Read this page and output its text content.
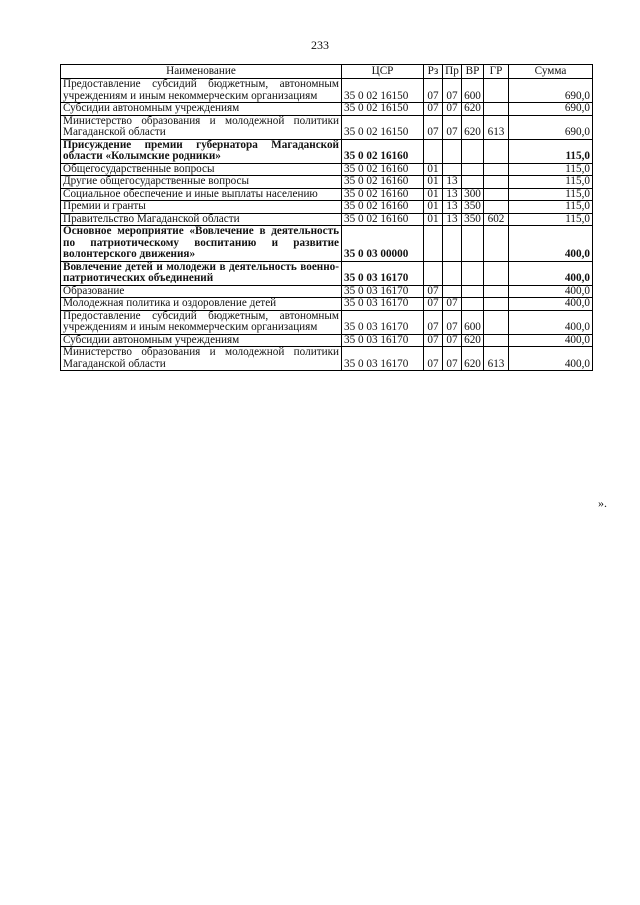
233
Наименование	ЦСР	Рз	Пр	ВР	ГР	Сумма
Предоставление субсидий бюджетным, автономным учреждениям и иным некоммерческим организациям	35 0 02 16150	07	07	600		690,0
Субсидии автономным учреждениям	35 0 02 16150	07	07	620		690,0
Министерство образования и молодежной политики Магаданской области	35 0 02 16150	07	07	620	613	690,0
Присуждение премии губернатора Магаданской области «Колымские родники»	35 0 02 16160					115,0
Общегосударственные вопросы	35 0 02 16160	01				115,0
Другие общегосударственные вопросы	35 0 02 16160	01	13			115,0
Социальное обеспечение и иные выплаты населению	35 0 02 16160	01	13	300		115,0
Премии и гранты	35 0 02 16160	01	13	350		115,0
Правительство Магаданской области	35 0 02 16160	01	13	350	602	115,0
Основное мероприятие «Вовлечение в деятельность по патриотическому воспитанию и развитие волонтерского движения»	35 0 03 00000					400,0
Вовлечение детей и молодежи в деятельность военно-патриотических объединений	35 0 03 16170					400,0
Образование	35 0 03 16170	07				400,0
Молодежная политика и оздоровление детей	35 0 03 16170	07	07			400,0
Предоставление субсидий бюджетным, автономным учреждениям и иным некоммерческим организациям	35 0 03 16170	07	07	600		400,0
Субсидии автономным учреждениям	35 0 03 16170	07	07	620		400,0
Министерство образования и молодежной политики Магаданской области	35 0 03 16170	07	07	620	613	400,0
».
